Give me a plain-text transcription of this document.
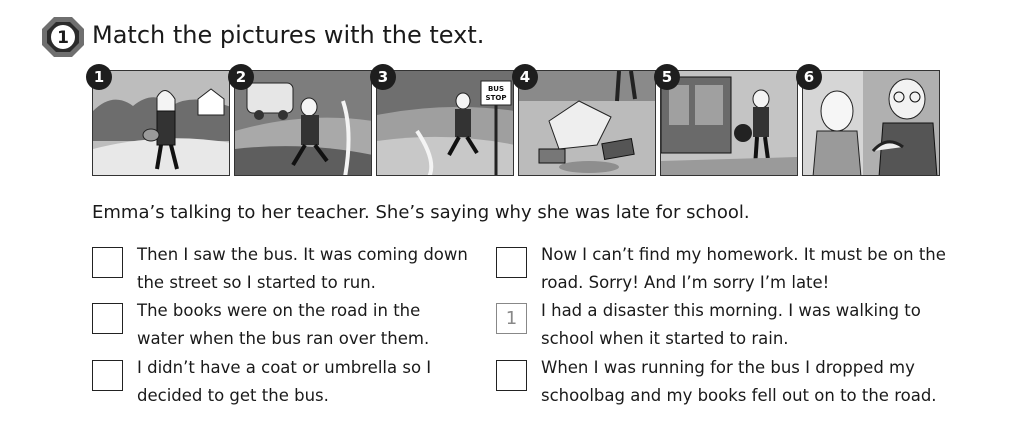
1 Match the pictures with the text.
1	2	3
BUS
STOP
4	5	6

Emma’s talking to her teacher. She’s saying why she was late for school.

Then I saw the bus. It was coming down
the street so I started to run.
The books were on the road in the
water when the bus ran over them.
I didn’t have a coat or umbrella so I
decided to get the bus.
Now I can’t find my homework. It must be on the
road. Sorry! And I’m sorry I’m late!
1	I had a disaster this morning. I was walking to
school when it started to rain.
When I was running for the bus I dropped my
schoolbag and my books fell out on to the road.
